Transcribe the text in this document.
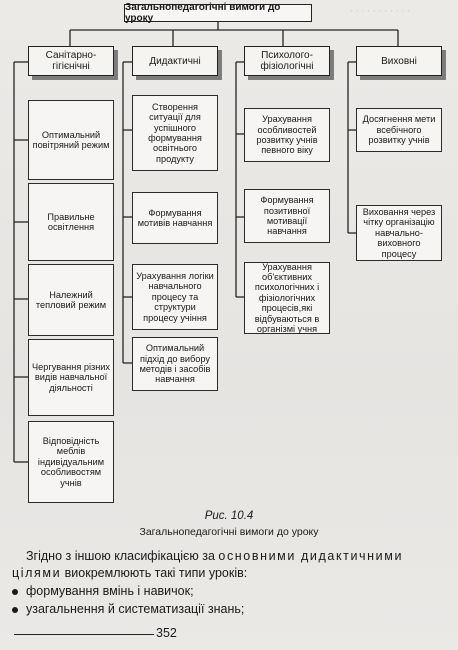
· · · · · · · · · · ·
Загальнопедагогічні вимоги до уроку
Санітарно-гігієнічні	Дидактичні	Психолого-фізіологічні	Виховні
Оптимальний повітряний режим
Правильне освітлення
Належний тепловий режим
Чергування різних видів навчальної діяльності
Відповідність меблів індивідуальним особливостям учнів
Створення ситуації для успішного формування освітнього продукту
Формування мотивів навчання
Урахування логіки навчального процесу та структури процесу учіння
Оптимальний підхід до вибору методів і засобів навчання
Урахування особливостей розвитку учнів певного віку
Формування позитивної мотивації навчання
Урахування об'єктивних психологічних і фізіологічних процесів,які відбуваються в організмі учня
Досягнення мети всебічного розвитку учнів
Виховання через чітку організацію навчально-виховного процесу
Рис. 10.4
Загальнопедагогічні вимоги до уроку
Згідно з іншою класифікацією за основними дидактичними
цілями виокремлюють такі типи уроків:
формування вмінь і навичок;
узагальнення й систематизації знань;
352
